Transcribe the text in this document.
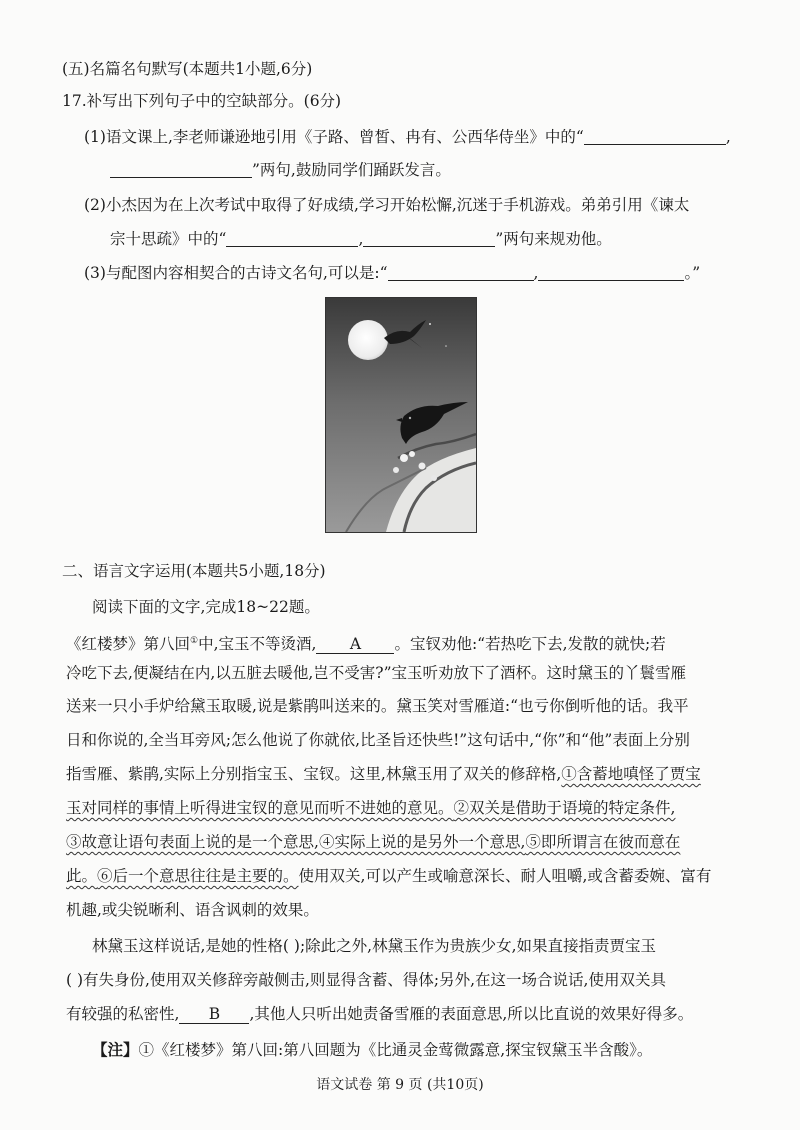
(五)名篇名句默写(本题共1小题,6分)
17.补写出下列句子中的空缺部分。(6分)
(1)语文课上,李老师谦逊地引用《子路、曾皙、冉有、公西华侍坐》中的“	,
”两句,鼓励同学们踊跃发言。
(2)小杰因为在上次考试中取得了好成绩,学习开始松懈,沉迷于手机游戏。弟弟引用《谏太
宗十思疏》中的“	,	”两句来规劝他。
(3)与配图内容相契合的古诗文名句,可以是:“	,	。”
二、语言文字运用(本题共5小题,18分)
阅读下面的文字,完成18~22题。
《红楼梦》第八回①中,宝玉不等烫酒, A 。宝钗劝他:“若热吃下去,发散的就快;若
冷吃下去,便凝结在内,以五脏去暖他,岂不受害?”宝玉听劝放下了酒杯。这时黛玉的丫鬟雪雁
送来一只小手炉给黛玉取暖,说是紫鹃叫送来的。黛玉笑对雪雁道:“也亏你倒听他的话。我平
日和你说的,全当耳旁风;怎么他说了你就依,比圣旨还快些!”这句话中,“你”和“他”表面上分别
指雪雁、紫鹃,实际上分别指宝玉、宝钗。这里,林黛玉用了双关的修辞格,①含蓄地嗔怪了贾宝
玉对同样的事情上听得进宝钗的意见而听不进她的意见。②双关是借助于语境的特定条件,
③故意让语句表面上说的是一个意思,④实际上说的是另外一个意思,⑤即所谓言在彼而意在
此。⑥后一个意思往往是主要的。使用双关,可以产生或喻意深长、耐人咀嚼,或含蓄委婉、富有
机趣,或尖锐晰利、语含讽刺的效果。
林黛玉这样说话,是她的性格( );除此之外,林黛玉作为贵族少女,如果直接指责贾宝玉
( )有失身份,使用双关修辞旁敲侧击,则显得含蓄、得体;另外,在这一场合说话,使用双关具
有较强的私密性, B ,其他人只听出她责备雪雁的表面意思,所以比直说的效果好得多。
【注】①《红楼梦》第八回:第八回题为《比通灵金莺微露意,探宝钗黛玉半含酸》。
语文试卷 第 9 页 (共10页)
